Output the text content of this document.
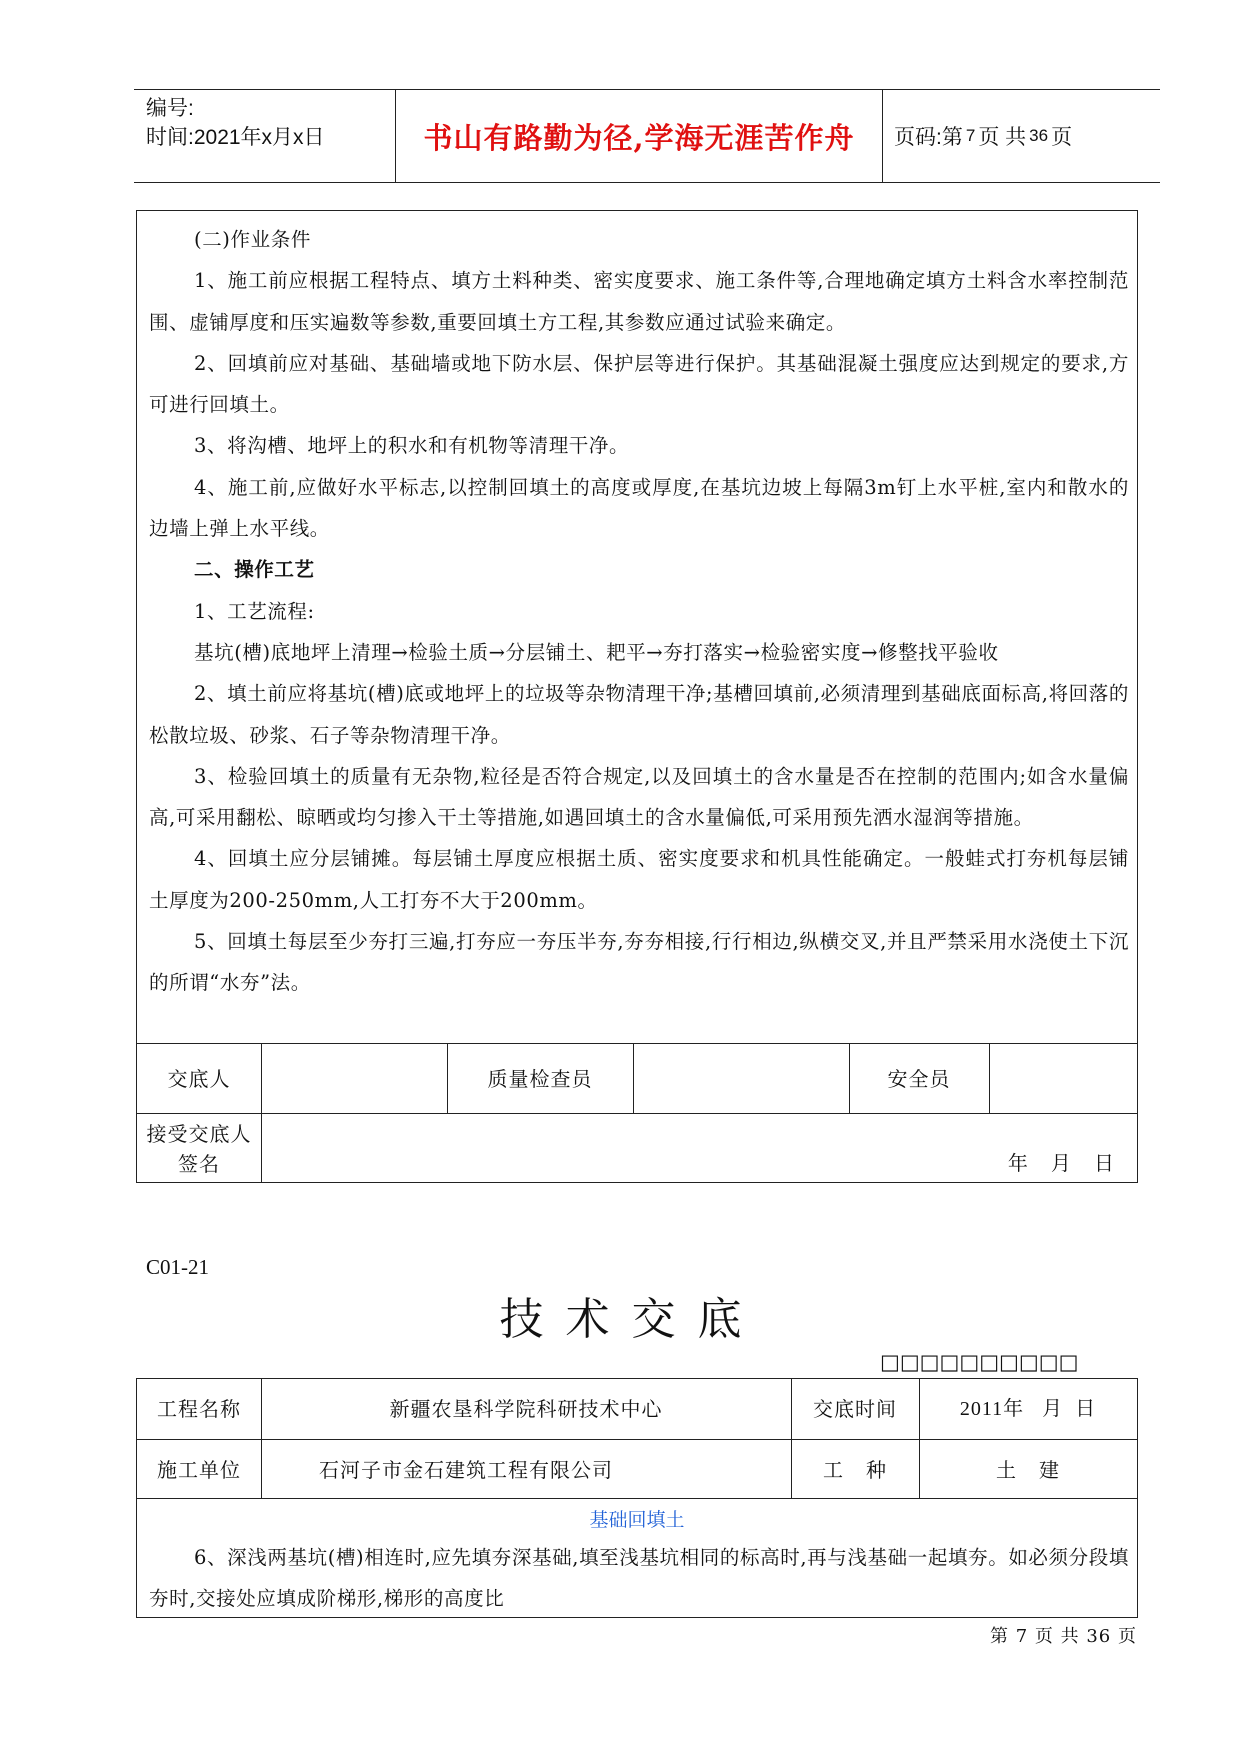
编号:
时间:2021年x月x日	书山有路勤为径,学海无涯苦作舟	页码:第 7 页 共 36 页

(二)作业条件

1、施工前应根据工程特点、填方土料种类、密实度要求、施工条件等,合理地确定填方土料含水率控制范围、虚铺厚度和压实遍数等参数,重要回填土方工程,其参数应通过试验来确定。

2、回填前应对基础、基础墙或地下防水层、保护层等进行保护。其基础混凝土强度应达到规定的要求,方可进行回填土。

3、将沟槽、地坪上的积水和有机物等清理干净。

4、施工前,应做好水平标志,以控制回填土的高度或厚度,在基坑边坡上每隔3m钉上水平桩,室内和散水的边墙上弹上水平线。

二、操作工艺

1、工艺流程:

基坑(槽)底地坪上清理→检验土质→分层铺土、耙平→夯打落实→检验密实度→修整找平验收

2、填土前应将基坑(槽)底或地坪上的垃圾等杂物清理干净;基槽回填前,必须清理到基础底面标高,将回落的松散垃圾、砂浆、石子等杂物清理干净。

3、检验回填土的质量有无杂物,粒径是否符合规定,以及回填土的含水量是否在控制的范围内;如含水量偏高,可采用翻松、晾晒或均匀掺入干土等措施,如遇回填土的含水量偏低,可采用预先洒水湿润等措施。

4、回填土应分层铺摊。每层铺土厚度应根据土质、密实度要求和机具性能确定。一般蛙式打夯机每层铺土厚度为200-250mm,人工打夯不大于200mm。

5、回填土每层至少夯打三遍,打夯应一夯压半夯,夯夯相接,行行相边,纵横交叉,并且严禁采用水浇使土下沉的所谓“水夯”法。

交底人	质量检查员	安全员
接受交底人签名	年   月   日
C01-21
技术交底
□□□□□□□□□□
工程名称	新疆农垦科学院科研技术中心	交底时间	2011年   月  日
施工单位	石河子市金石建筑工程有限公司	工   种	土   建
基础回填土

6、深浅两基坑(槽)相连时,应先填夯深基础,填至浅基坑相同的标高时,再与浅基础一起填夯。如必须分段填夯时,交接处应填成阶梯形,梯形的高度比

第 7 页 共 36 页
